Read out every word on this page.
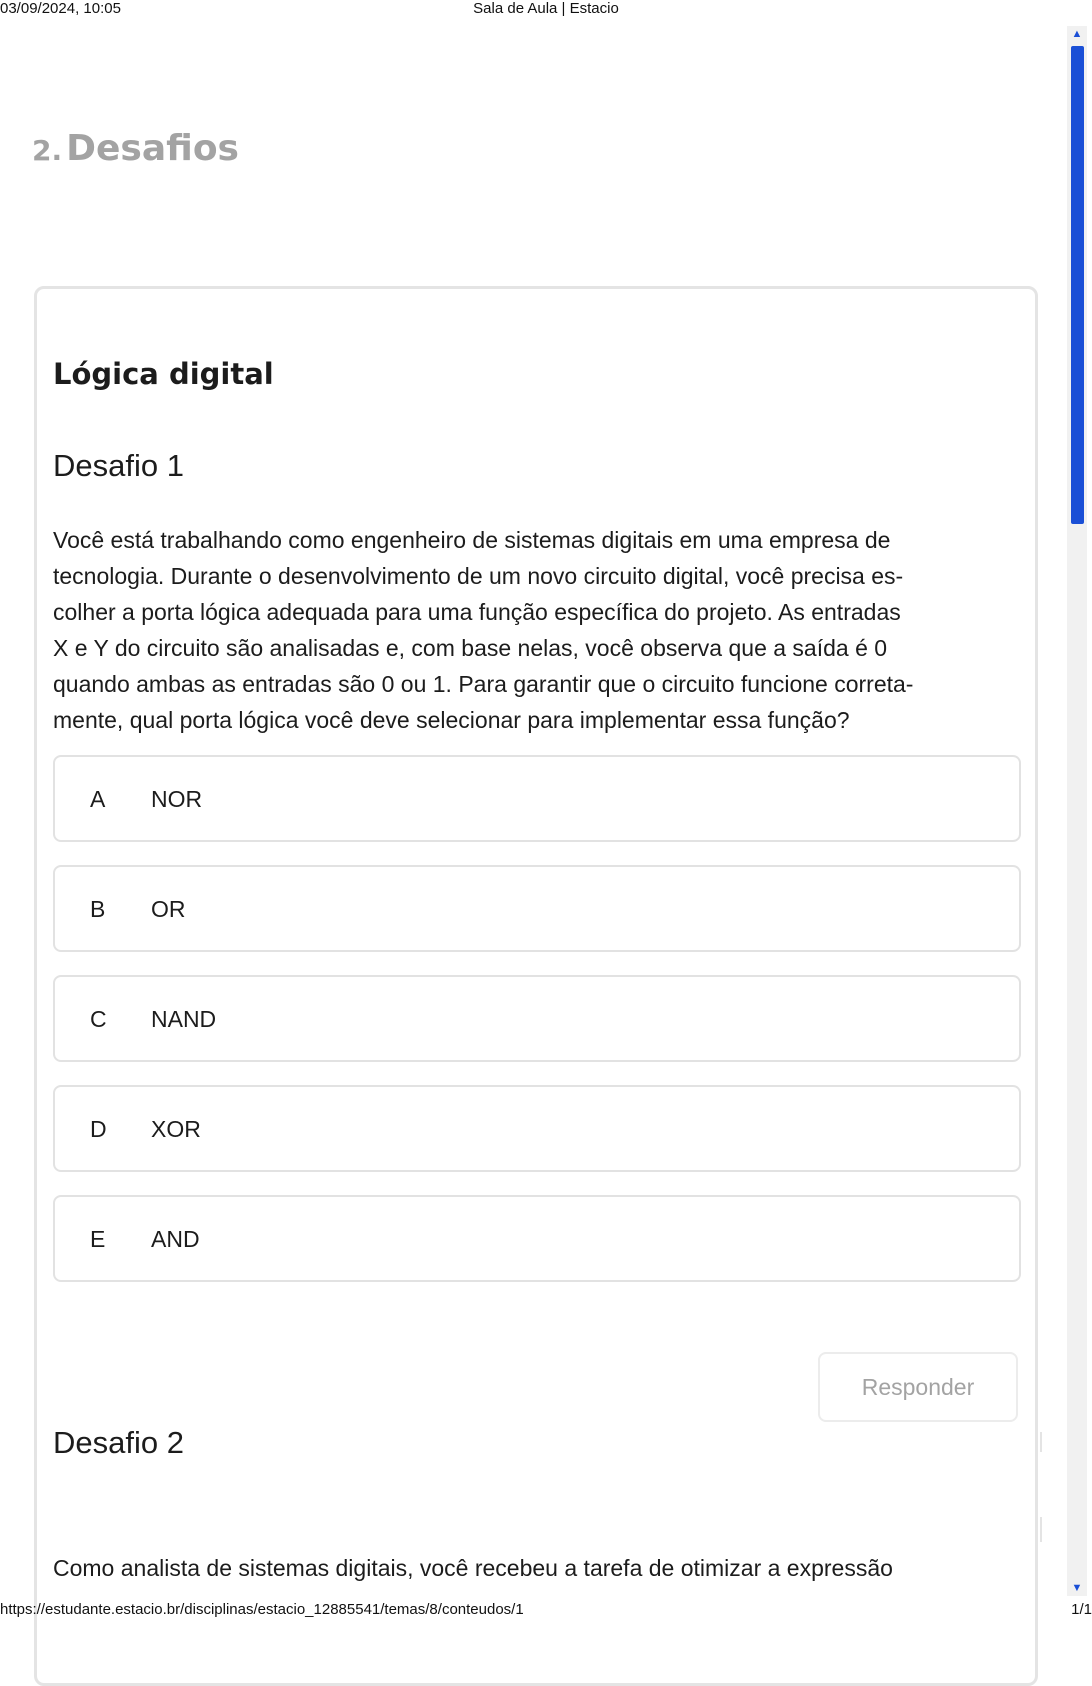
03/09/2024, 10:05	Sala de Aula | Estacio
2. Desafios
Lógica digital
Desafio 1
Você está trabalhando como engenheiro de sistemas digitais em uma empresa de
tecnologia. Durante o desenvolvimento de um novo circuito digital, você precisa es-
colher a porta lógica adequada para uma função específica do projeto. As entradas
X e Y do circuito são analisadas e, com base nelas, você observa que a saída é 0
quando ambas as entradas são 0 ou 1. Para garantir que o circuito funcione correta-
mente, qual porta lógica você deve selecionar para implementar essa função?
A NOR
B OR
C NAND
D XOR
E AND
Responder
Desafio 2
Como analista de sistemas digitais, você recebeu a tarefa de otimizar a expressão
▲
▼
https://estudante.estacio.br/disciplinas/estacio_12885541/temas/8/conteudos/1	1/1
